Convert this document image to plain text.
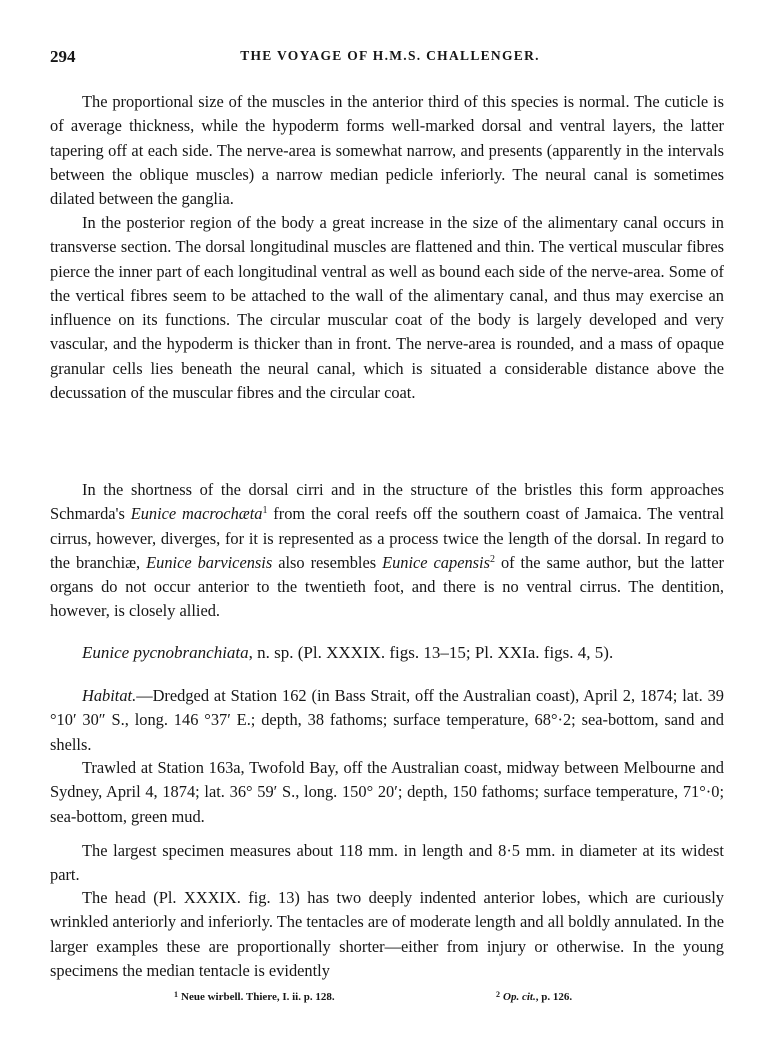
294	THE VOYAGE OF H.M.S. CHALLENGER.

The proportional size of the muscles in the anterior third of this species is normal. The cuticle is of average thickness, while the hypoderm forms well-marked dorsal and ventral layers, the latter tapering off at each side. The nerve-area is somewhat narrow, and presents (apparently in the intervals between the oblique muscles) a narrow median pedicle inferiorly. The neural canal is sometimes dilated between the ganglia.

In the posterior region of the body a great increase in the size of the alimentary canal occurs in transverse section. The dorsal longitudinal muscles are flattened and thin. The vertical muscular fibres pierce the inner part of each longitudinal ventral as well as bound each side of the nerve-area. Some of the vertical fibres seem to be attached to the wall of the alimentary canal, and thus may exercise an influence on its functions. The circular muscular coat of the body is largely developed and very vascular, and the hypoderm is thicker than in front. The nerve-area is rounded, and a mass of opaque granular cells lies beneath the neural canal, which is situated a considerable distance above the decussation of the muscular fibres and the circular coat.

In the shortness of the dorsal cirri and in the structure of the bristles this form approaches Schmarda's Eunice macrochæta$^1$ from the coral reefs off the southern coast of Jamaica. The ventral cirrus, however, diverges, for it is represented as a process twice the length of the dorsal. In regard to the branchiæ, Eunice barvicensis also resembles Eunice capensis$^2$ of the same author, but the latter organs do not occur anterior to the twentieth foot, and there is no ventral cirrus. The dentition, however, is closely allied.

Eunice pycnobranchiata, n. sp. (Pl. XXXIX. figs. 13–15; Pl. XXIa. figs. 4, 5).

Habitat.—Dredged at Station 162 (in Bass Strait, off the Australian coast), April 2, 1874; lat. 39 °10′ 30″ S., long. 146 °37′ E.; depth, 38 fathoms; surface temperature, 68°·2; sea-bottom, sand and shells.

Trawled at Station 163a, Twofold Bay, off the Australian coast, midway between Melbourne and Sydney, April 4, 1874; lat. 36° 59′ S., long. 150° 20′; depth, 150 fathoms; surface temperature, 71°·0; sea-bottom, green mud.

The largest specimen measures about 118 mm. in length and 8·5 mm. in diameter at its widest part.

The head (Pl. XXXIX. fig. 13) has two deeply indented anterior lobes, which are curiously wrinkled anteriorly and inferiorly. The tentacles are of moderate length and all boldly annulated. In the larger examples these are proportionally shorter—either from injury or otherwise. In the young specimens the median tentacle is evidently

$^1$ Neue wirbell. Thiere, I. ii. p. 128.	$^2$ Op. cit., p. 126.
